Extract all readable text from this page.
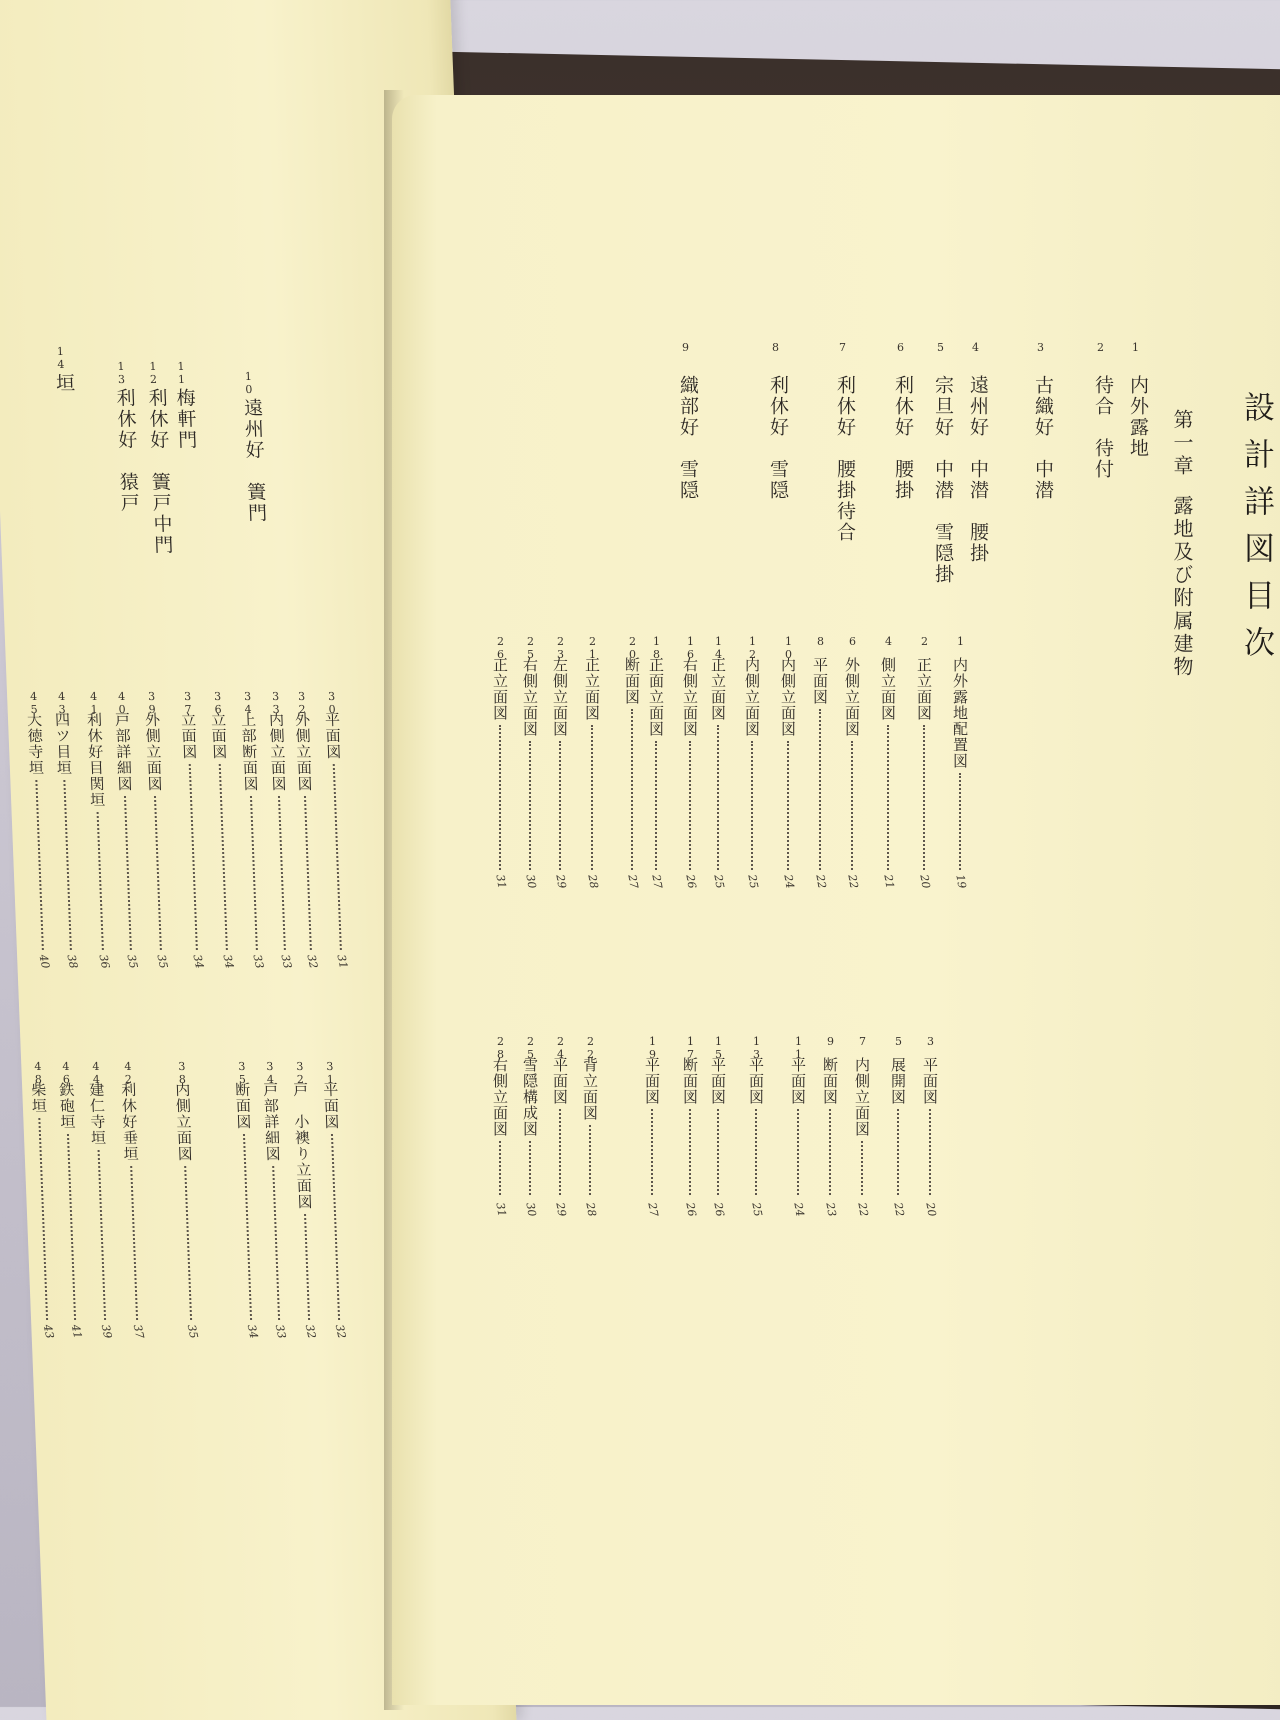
10
遠州好　簀門
11
梅軒門
12
利休好　簀戸中門
13
利休好　猿戸
14
垣
30
平面図
31
32
外側立面図
32
33
内側立面図
33
34
上部断面図
33
36
立面図
34
37
立面図
34
39
外側立面図
35
40
戸部詳細図
35
41
利休好目関垣
36
43
四ツ目垣
38
45
大徳寺垣
40
31
平面図
32
32
戸　小襖り立面図
32
34
戸部詳細図
33
35
断面図
34
38
内側立面図
35
42
利休好垂垣
37
44
建仁寺垣
39
46
鉄砲垣
41
48
柴垣
43
設計詳図目次
第一章
露地及び附属建物
1
内外露地
2
待合　待付
3
古織好　中潜
4
遠州好　中潜　腰掛
5
宗旦好　中潜　雪隠掛
6
利休好　腰掛
7
利休好　腰掛待合
8
利休好　雪隠
9
織部好　雪隠
1
内外露地配置図
19
2
正立面図
20
4
側立面図
21
6
外側立面図
22
8
平面図
22
10
内側立面図
24
12
内側立面図
25
14
正立面図
25
16
右側立面図
26
18
正面立面図
27
20
断面図
27
21
正立面図
28
23
左側立面図
29
25
右側立面図
30
26
正立面図
31
3
平面図
20
5
展開図
22
7
内側立面図
22
9
断面図
23
11
平面図
24
13
平面図
25
15
平面図
26
17
断面図
26
19
平面図
27
22
背立面図
28
24
平面図
29
25
雪隠構成図
30
28
右側立面図
31
